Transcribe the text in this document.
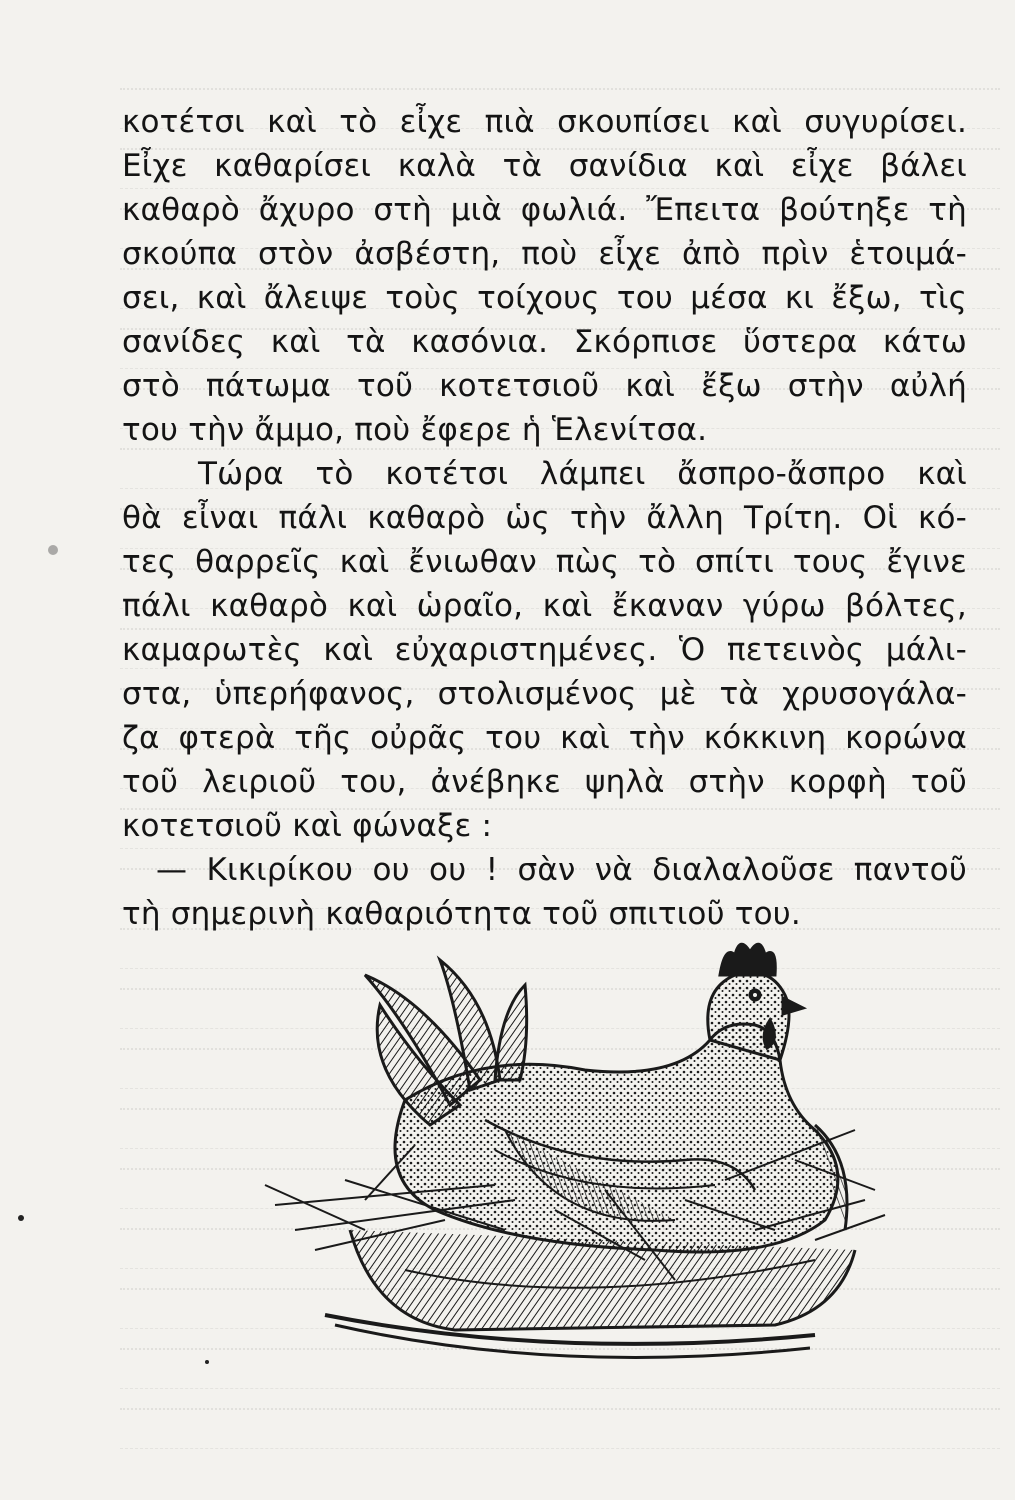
κοτέτσι καὶ τὸ εἶχε πιὰ σκουπίσει καὶ συγυρίσει.
Εἶχε καθαρίσει καλὰ τὰ σανίδια καὶ εἶχε βάλει
καθαρὸ ἄχυρο στὴ μιὰ φωλιά. Ἔπειτα βούτηξε τὴ
σκούπα στὸν ἀσβέστη, ποὺ εἶχε ἀπὸ πρὶν ἑτοιμά-
σει, καὶ ἄλειψε τοὺς τοίχους του μέσα κι ἔξω, τὶς
σανίδες καὶ τὰ κασόνια. Σκόρπισε ὕστερα κάτω
στὸ πάτωμα τοῦ κοτετσιοῦ καὶ ἔξω στὴν αὐλή
του τὴν ἄμμο, ποὺ ἔφερε ἡ Ἑλενίτσα.
Τώρα τὸ κοτέτσι λάμπει ἄσπρο-ἄσπρο καὶ
θὰ εἶναι πάλι καθαρὸ ὡς τὴν ἄλλη Τρίτη. Οἱ κό-
τες θαρρεῖς καὶ ἔνιωθαν πὼς τὸ σπίτι τους ἔγινε
πάλι καθαρὸ καὶ ὡραῖο, καὶ ἔκαναν γύρω βόλτες,
καμαρωτὲς καὶ εὐχαριστημένες. Ὁ πετεινὸς μάλι-
στα, ὑπερήφανος, στολισμένος μὲ τὰ χρυσογάλα-
ζα φτερὰ τῆς οὐρᾶς του καὶ τὴν κόκκινη κορώνα
τοῦ λειριοῦ του, ἀνέβηκε ψηλὰ στὴν κορφὴ τοῦ
κοτετσιοῦ καὶ φώναξε :
— Κικιρίκου ου ου ! σὰν νὰ διαλαλοῦσε παντοῦ
τὴ σημερινὴ καθαριότητα τοῦ σπιτιοῦ του.
